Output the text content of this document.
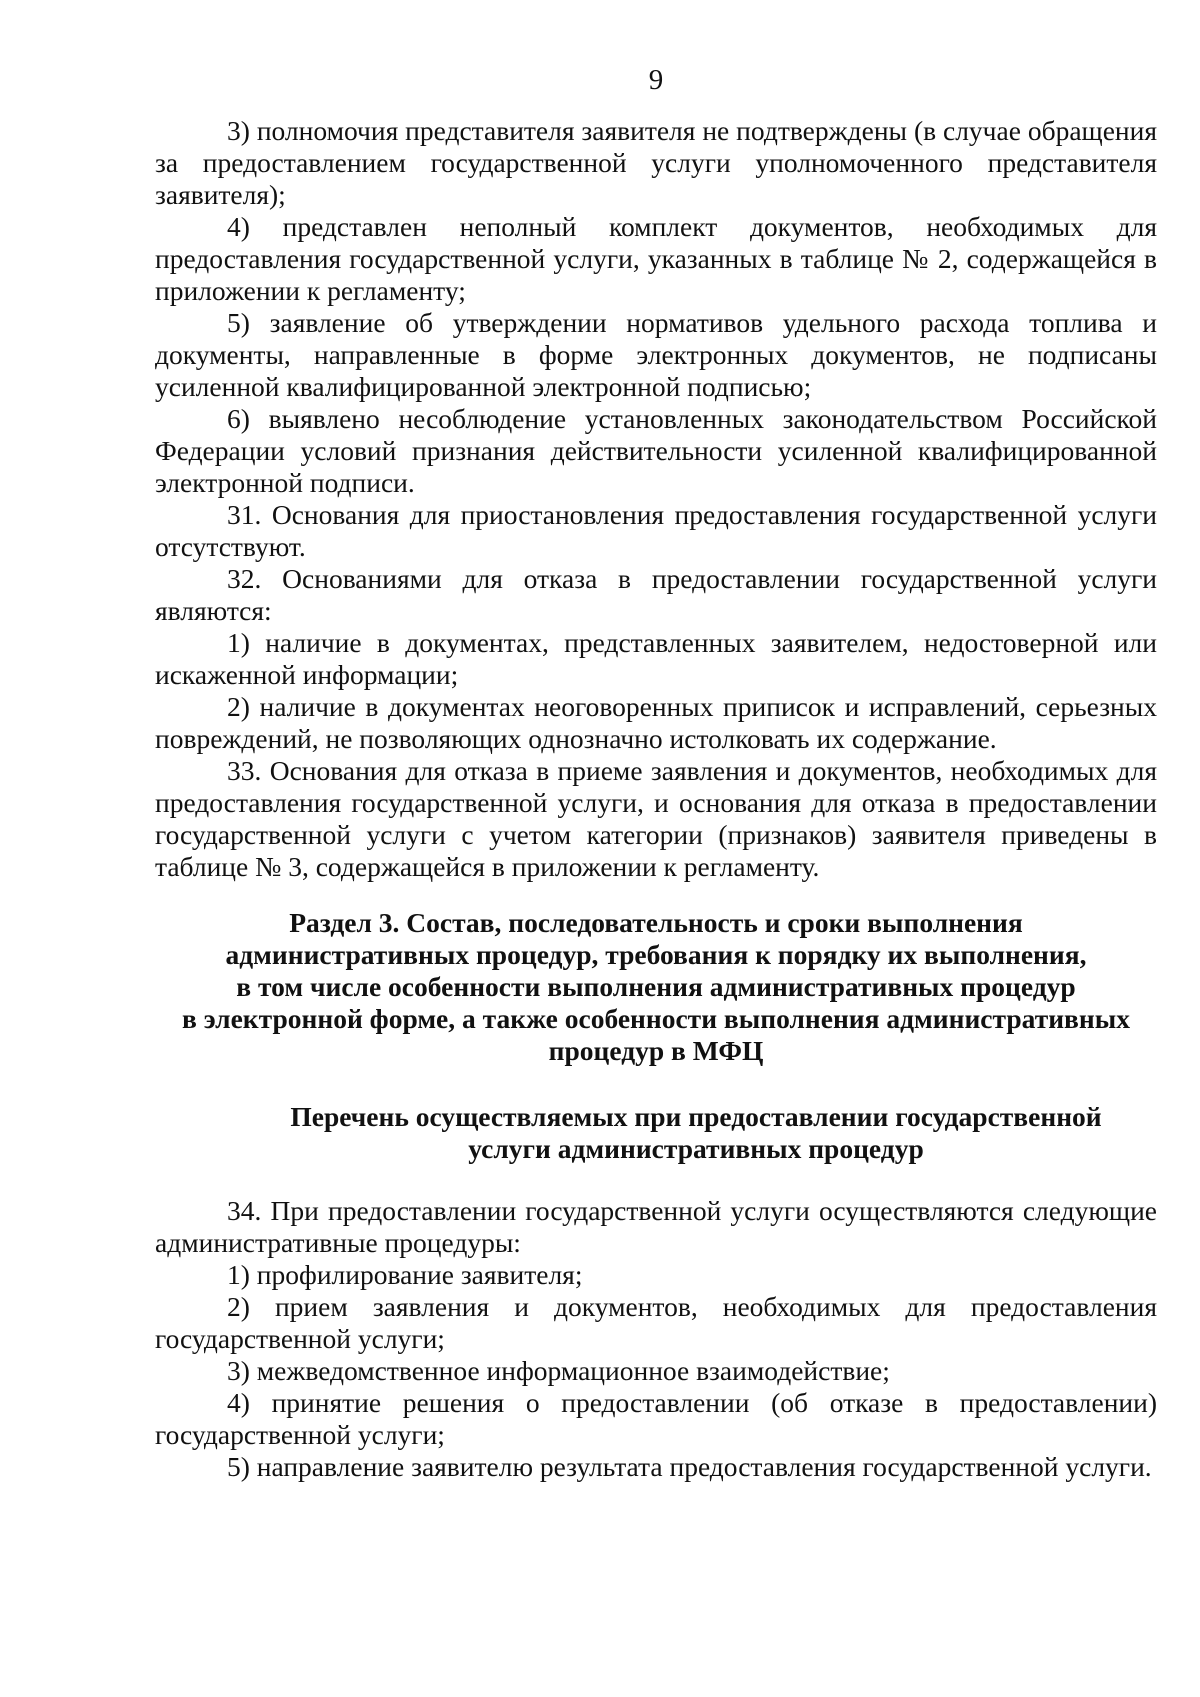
9

3) полномочия представителя заявителя не подтверждены (в случае обращения за предоставлением государственной услуги уполномоченного представителя заявителя);

4) представлен неполный комплект документов, необходимых для предоставления государственной услуги, указанных в таблице № 2, содержащейся в приложении к регламенту;

5) заявление об утверждении нормативов удельного расхода топлива и документы, направленные в форме электронных документов, не подписаны усиленной квалифицированной электронной подписью;

6) выявлено несоблюдение установленных законодательством Российской Федерации условий признания действительности усиленной квалифицированной электронной подписи.

31. Основания для приостановления предоставления государственной услуги отсутствуют.

32. Основаниями для отказа в предоставлении государственной услуги являются:

1) наличие в документах, представленных заявителем, недостоверной или искаженной информации;

2) наличие в документах неоговоренных приписок и исправлений, серьезных повреждений, не позволяющих однозначно истолковать их содержание.

33. Основания для отказа в приеме заявления и документов, необходимых для предоставления государственной услуги, и основания для отказа в предоставлении государственной услуги с учетом категории (признаков) заявителя приведены в таблице № 3, содержащейся в приложении к регламенту.

Раздел 3. Состав, последовательность и сроки выполнения

административных процедур, требования к порядку их выполнения,

в том числе особенности выполнения административных процедур

в электронной форме, а также особенности выполнения административных

процедур в МФЦ

Перечень осуществляемых при предоставлении государственной

услуги административных процедур

34. При предоставлении государственной услуги осуществляются следующие административные процедуры:

1) профилирование заявителя;

2) прием заявления и документов, необходимых для предоставления государственной услуги;

3) межведомственное информационное взаимодействие;

4) принятие решения о предоставлении (об отказе в предоставлении) государственной услуги;

5) направление заявителю результата предоставления государственной услуги.
